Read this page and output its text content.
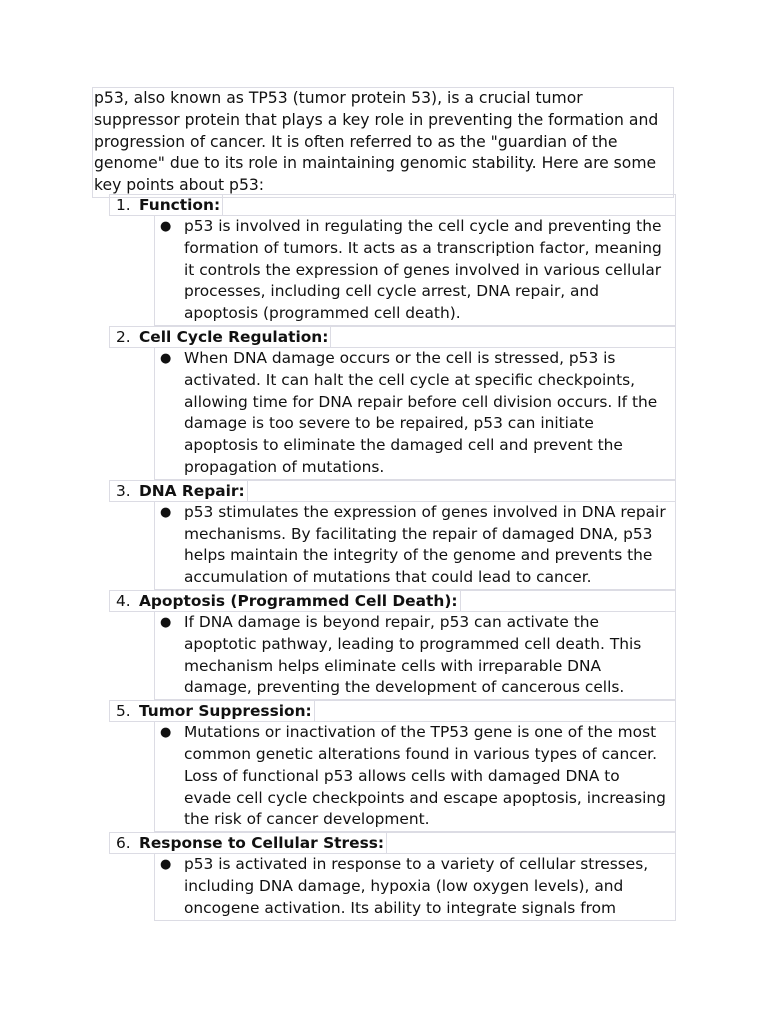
p53, also known as TP53 (tumor protein 53), is a crucial tumor suppressor protein that plays a key role in preventing the formation and progression of cancer. It is often referred to as the "guardian of the genome" due to its role in maintaining genomic stability. Here are some key points about p53:
1. Function:
● p53 is involved in regulating the cell cycle and preventing the formation of tumors. It acts as a transcription factor, meaning it controls the expression of genes involved in various cellular processes, including cell cycle arrest, DNA repair, and apoptosis (programmed cell death).
2. Cell Cycle Regulation:
● When DNA damage occurs or the cell is stressed, p53 is activated. It can halt the cell cycle at specific checkpoints, allowing time for DNA repair before cell division occurs. If the damage is too severe to be repaired, p53 can initiate apoptosis to eliminate the damaged cell and prevent the propagation of mutations.
3. DNA Repair:
● p53 stimulates the expression of genes involved in DNA repair mechanisms. By facilitating the repair of damaged DNA, p53 helps maintain the integrity of the genome and prevents the accumulation of mutations that could lead to cancer.
4. Apoptosis (Programmed Cell Death):
● If DNA damage is beyond repair, p53 can activate the apoptotic pathway, leading to programmed cell death. This mechanism helps eliminate cells with irreparable DNA damage, preventing the development of cancerous cells.
5. Tumor Suppression:
● Mutations or inactivation of the TP53 gene is one of the most common genetic alterations found in various types of cancer. Loss of functional p53 allows cells with damaged DNA to evade cell cycle checkpoints and escape apoptosis, increasing the risk of cancer development.
6. Response to Cellular Stress:
● p53 is activated in response to a variety of cellular stresses, including DNA damage, hypoxia (low oxygen levels), and oncogene activation. Its ability to integrate signals from
